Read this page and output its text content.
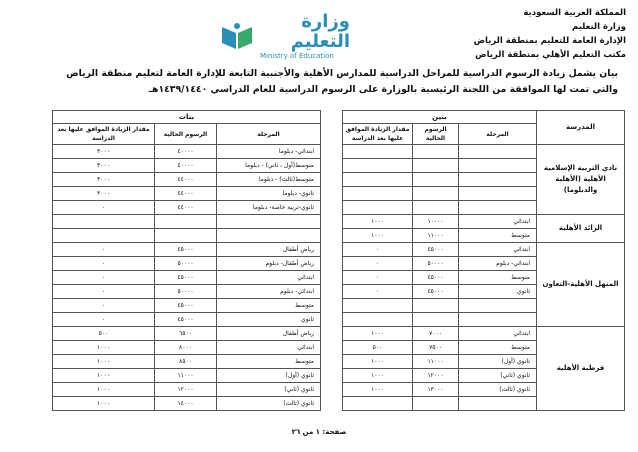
المملكة العربية السعودية
وزارة التعليم
الإدارة العامة للتعليم بمنطقة الرياض
مكتب التعليم الأهلي بمنطقة الرياض
وزارة التعليم
Ministry of Education
بيان يشمل زيادة الرسوم الدراسية للمراحل الدراسية للمدارس الأهلية والأجنبية التابعة للإدارة العامة لتعليم منطقة الرياض
والتي تمت لها الموافقة من اللجنة الرئيسية بالوزارة على الرسوم الدراسية للعام الدراسي ١٤٣٩/١٤٤٠هـ
المدرسة	بنين				بنات		
	المرحلة	الرسوم الحالية	مقدار الزيادة الموافق عليها بعد الدراسة		المرحلة	الرسوم الحالية	مقدار الزيادة الموافق عليها بعد الدراسة
نادي التربية الإسلامية الأهلية (الأهلية والدبلوما)					ابتدائي- دبلوما	٤٠٠٠٠	٣٠٠٠
					متوسط(أول ، ثاني) - دبلوما	٤٠٠٠٠	٣٠٠٠
					متوسط(ثالث) - دبلوما	٤٤٠٠٠	٣٠٠٠
					ثانوي- دبلوما	٤٤٠٠٠	٣٠٠٠
					ثانوي-تربية خاصة- دبلوما	٤٤٠٠٠	٠
الرائد الأهلية	ابتدائي	١٠٠٠٠	١٠٠٠				
	متوسط	١١٠٠٠	١٠٠٠				
المنهل الأهلية-التعاون	ابتدائي	٤٥٠٠٠	٠		رياض أطفال	٤٥٠٠٠	٠
	ابتدائي- دبلوم	٥٠٠٠٠	٠		رياض أطفال- دبلوم	٥٠٠٠٠	٠
	متوسط	٤٥٠٠٠	٠		ابتدائي	٤٥٠٠٠	٠
	ثانوي	٤٥٠٠٠	٠		ابتدائي- دبلوم	٥٠٠٠٠	٠
					متوسط	٤٥٠٠٠	٠
					ثانوي	٤٥٠٠٠	٠
قرطبة الأهلية	ابتدائي	٧٠٠٠	١٠٠٠		رياض أطفال	٦٥٠٠	٥٠٠
	متوسط	٧٥٠٠	٥٠٠		ابتدائي	٨٠٠٠	١٠٠٠
	ثانوي (أول)	١١٠٠٠	١٠٠٠		متوسط	٨٥٠٠	١٠٠٠
	ثانوي (ثاني)	١٢٠٠٠	١٠٠٠		ثانوي (أول)	١١٠٠٠	١٠٠٠
	ثانوي (ثالث)	١٣٠٠٠	١٠٠٠		ثانوي (ثاني)	١٢٠٠٠	١٠٠٠
					ثانوي (ثالث)	١٤٠٠٠	١٠٠٠
صفحة: ١ من ٢٦
